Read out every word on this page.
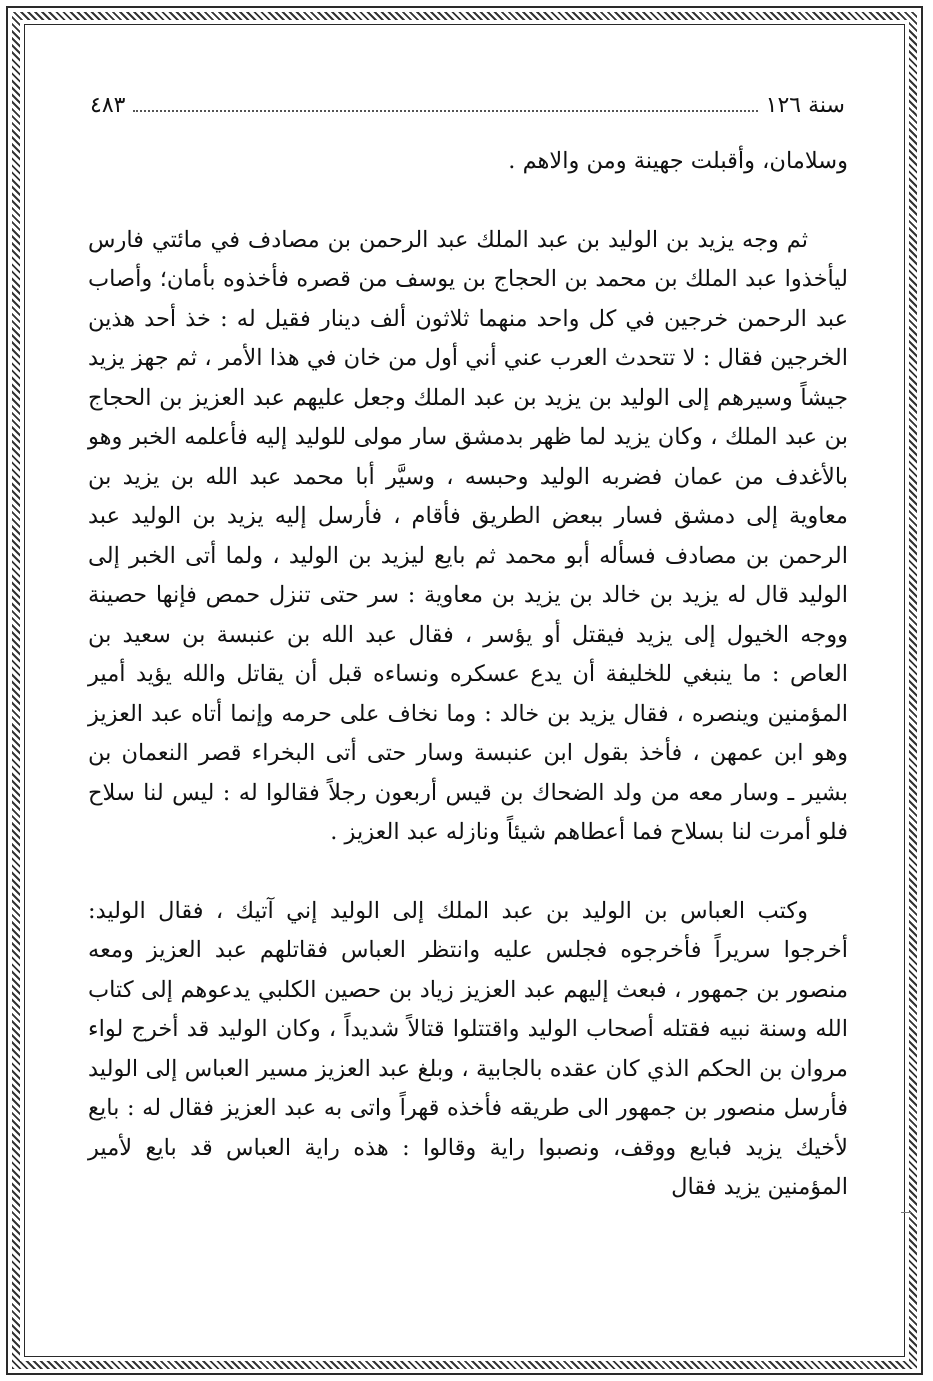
سنة ١٢٦
٤٨٣

وسلامان، وأقبلت جهينة ومن والاهم .

ثم وجه يزيد بن الوليد بن عبد الملك عبد الرحمن بن مصادف في مائتي فارس ليأخذوا عبد الملك بن محمد بن الحجاج بن يوسف من قصره فأخذوه بأمان؛ وأصاب عبد الرحمن خرجين في كل واحد منهما ثلاثون ألف دينار فقيل له : خذ أحد هذين الخرجين فقال : لا تتحدث العرب عني أني أول من خان في هذا الأمر ، ثم جهز يزيد جيشاً وسيرهم إلى الوليد بن يزيد بن عبد الملك وجعل عليهم عبد العزيز بن الحجاج بن عبد الملك ، وكان يزيد لما ظهر بدمشق سار مولى للوليد إليه فأعلمه الخبر وهو بالأغدف من عمان فضربه الوليد وحبسه ، وسيَّر أبا محمد عبد الله بن يزيد بن معاوية إلى دمشق فسار ببعض الطريق فأقام ، فأرسل إليه يزيد بن الوليد عبد الرحمن بن مصادف فسأله أبو محمد ثم بايع ليزيد بن الوليد ، ولما أتى الخبر إلى الوليد قال له يزيد بن خالد بن يزيد بن معاوية : سر حتى تنزل حمص فإنها حصينة ووجه الخيول إلى يزيد فيقتل أو يؤسر ، فقال عبد الله بن عنبسة بن سعيد بن العاص : ما ينبغي للخليفة أن يدع عسكره ونساءه قبل أن يقاتل والله يؤيد أمير المؤمنين وينصره ، فقال يزيد بن خالد : وما نخاف على حرمه وإنما أتاه عبد العزيز وهو ابن عمهن ، فأخذ بقول ابن عنبسة وسار حتى أتى البخراء قصر النعمان بن بشير ـ وسار معه من ولد الضحاك بن قيس أربعون رجلاً فقالوا له : ليس لنا سلاح فلو أمرت لنا بسلاح فما أعطاهم شيئاً ونازله عبد العزيز .

وكتب العباس بن الوليد بن عبد الملك إلى الوليد إني آتيك ، فقال الوليد: أخرجوا سريراً فأخرجوه فجلس عليه وانتظر العباس فقاتلهم عبد العزيز ومعه منصور بن جمهور ، فبعث إليهم عبد العزيز زياد بن حصين الكلبي يدعوهم إلى كتاب الله وسنة نبيه فقتله أصحاب الوليد واقتتلوا قتالاً شديداً ، وكان الوليد قد أخرج لواء مروان بن الحكم الذي كان عقده بالجابية ، وبلغ عبد العزيز مسير العباس إلى الوليد فأرسل منصور بن جمهور الى طريقه فأخذه قهراً واتى به عبد العزيز فقال له : بايع لأخيك يزيد فبايع ووقف، ونصبوا راية وقالوا : هذه راية العباس قد بايع لأمير المؤمنين يزيد فقال
